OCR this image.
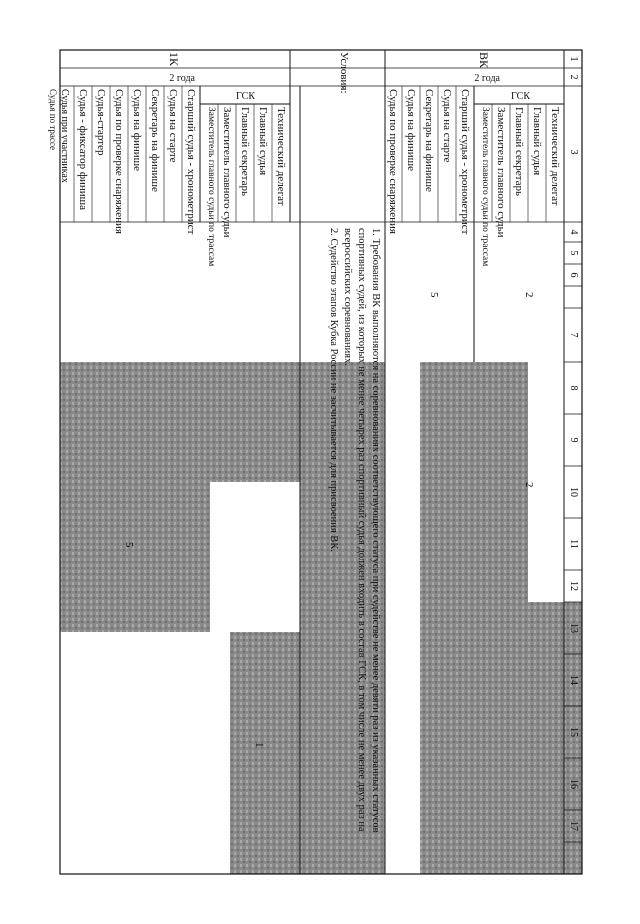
1
2
3
4
5
6
7
8
9
10
11
12
13
14
15
16
17
ВК
2 года
ГСК
Технический делегат
Главный судья
Главный секретарь
Заместитель главного судьи
Заместитель главного судьи по трассам
Старший судья - хронометрист
Судья на старте
Секретарь на финише
Судья на финише
Судья по проверке снаряжения
2
2
5
Условия:
1. Требования ВК выполняются на соревнованиях соответствующего статуса при судействе не менее девяти раз из указанных статусов спортивных судей, из которых не менее четырех раз спортивный судья должен входить в состав ГСК, в том числе не менее двух раз на всероссийских соревнованиях.
2. Судейство этапов Кубка России не засчитывается для присвоения ВК.
1К
2 года
ГСК
Технический делегат
Главный судья
Главный секретарь
Заместитель главного судьи
Заместитель главного судьи по трассам
Старший судья - хронометрист
Судья на старте
Секретарь на финише
Судья на финише
Судья по проверке снаряжения
Судья-стартер
Судья - фиксатор финиша
Судья при участниках
Судья по трассе
1
5
